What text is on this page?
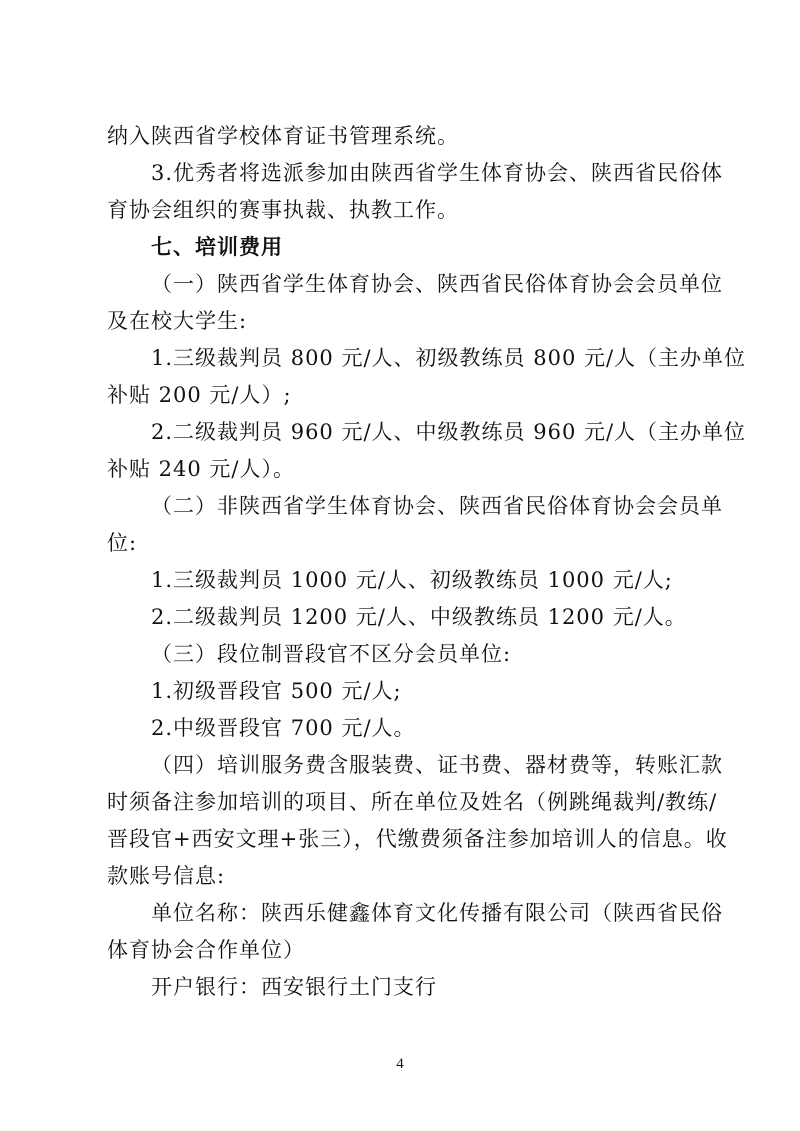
纳入陕西省学校体育证书管理系统。
3.优秀者将选派参加由陕西省学生体育协会、陕西省民俗体
育协会组织的赛事执裁、执教工作。
七、培训费用
（一）陕西省学生体育协会、陕西省民俗体育协会会员单位
及在校大学生:
1.三级裁判员 800 元/人、初级教练员 800 元/人（主办单位
补贴 200 元/人）;
2.二级裁判员 960 元/人、中级教练员 960 元/人（主办单位
补贴 240 元/人）。
（二）非陕西省学生体育协会、陕西省民俗体育协会会员单
位:
1.三级裁判员 1000 元/人、初级教练员 1000 元/人;
2.二级裁判员 1200 元/人、中级教练员 1200 元/人。
（三）段位制晋段官不区分会员单位:
1.初级晋段官 500 元/人;
2.中级晋段官 700 元/人。
（四）培训服务费含服装费、证书费、器材费等，转账汇款
时须备注参加培训的项目、所在单位及姓名（例跳绳裁判/教练/
晋段官+西安文理+张三），代缴费须备注参加培训人的信息。收
款账号信息:
单位名称：陕西乐健鑫体育文化传播有限公司（陕西省民俗
体育协会合作单位）
开户银行：西安银行土门支行
4
